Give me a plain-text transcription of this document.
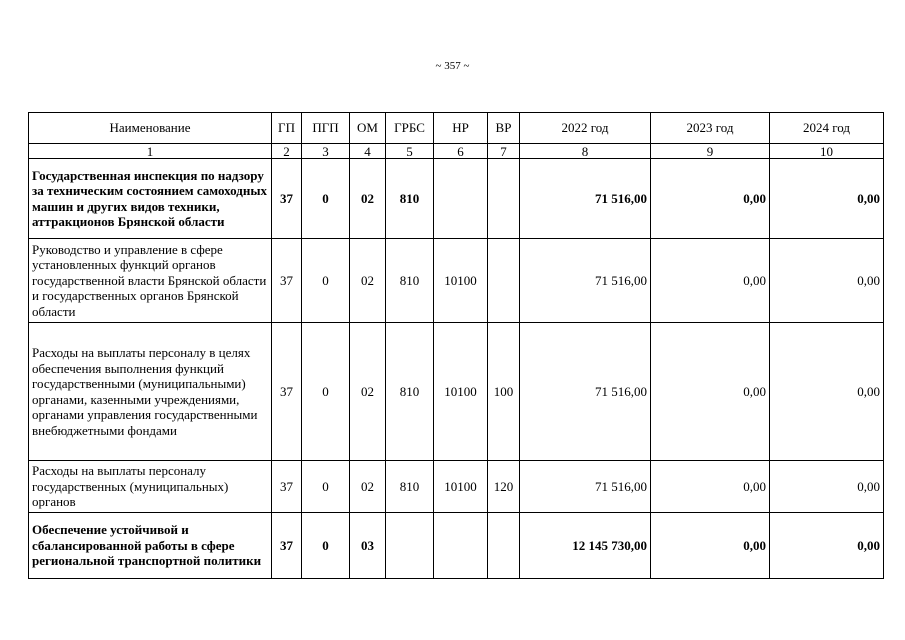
~ 357 ~
Наименование	ГП	ПГП	ОМ	ГРБС	НР	ВР	2022 год	2023 год	2024 год
1	2	3	4	5	6	7	8	9	10
Государственная инспекция по надзору за техническим состоянием самоходных машин и других видов техники, аттракционов Брянской области	37	0	02	810			71 516,00	0,00	0,00
Руководство и управление в сфере установленных функций органов государственной власти Брянской области и государственных органов Брянской области	37	0	02	810	10100		71 516,00	0,00	0,00
Расходы на выплаты персоналу в целях обеспечения выполнения функций государственными (муниципальными) органами, казенными учреждениями, органами управления государственными внебюджетными фондами	37	0	02	810	10100	100	71 516,00	0,00	0,00
Расходы на выплаты персоналу государственных (муниципальных) органов	37	0	02	810	10100	120	71 516,00	0,00	0,00
Обеспечение устойчивой и сбалансированной работы в сфере региональной транспортной политики	37	0	03				12 145 730,00	0,00	0,00
